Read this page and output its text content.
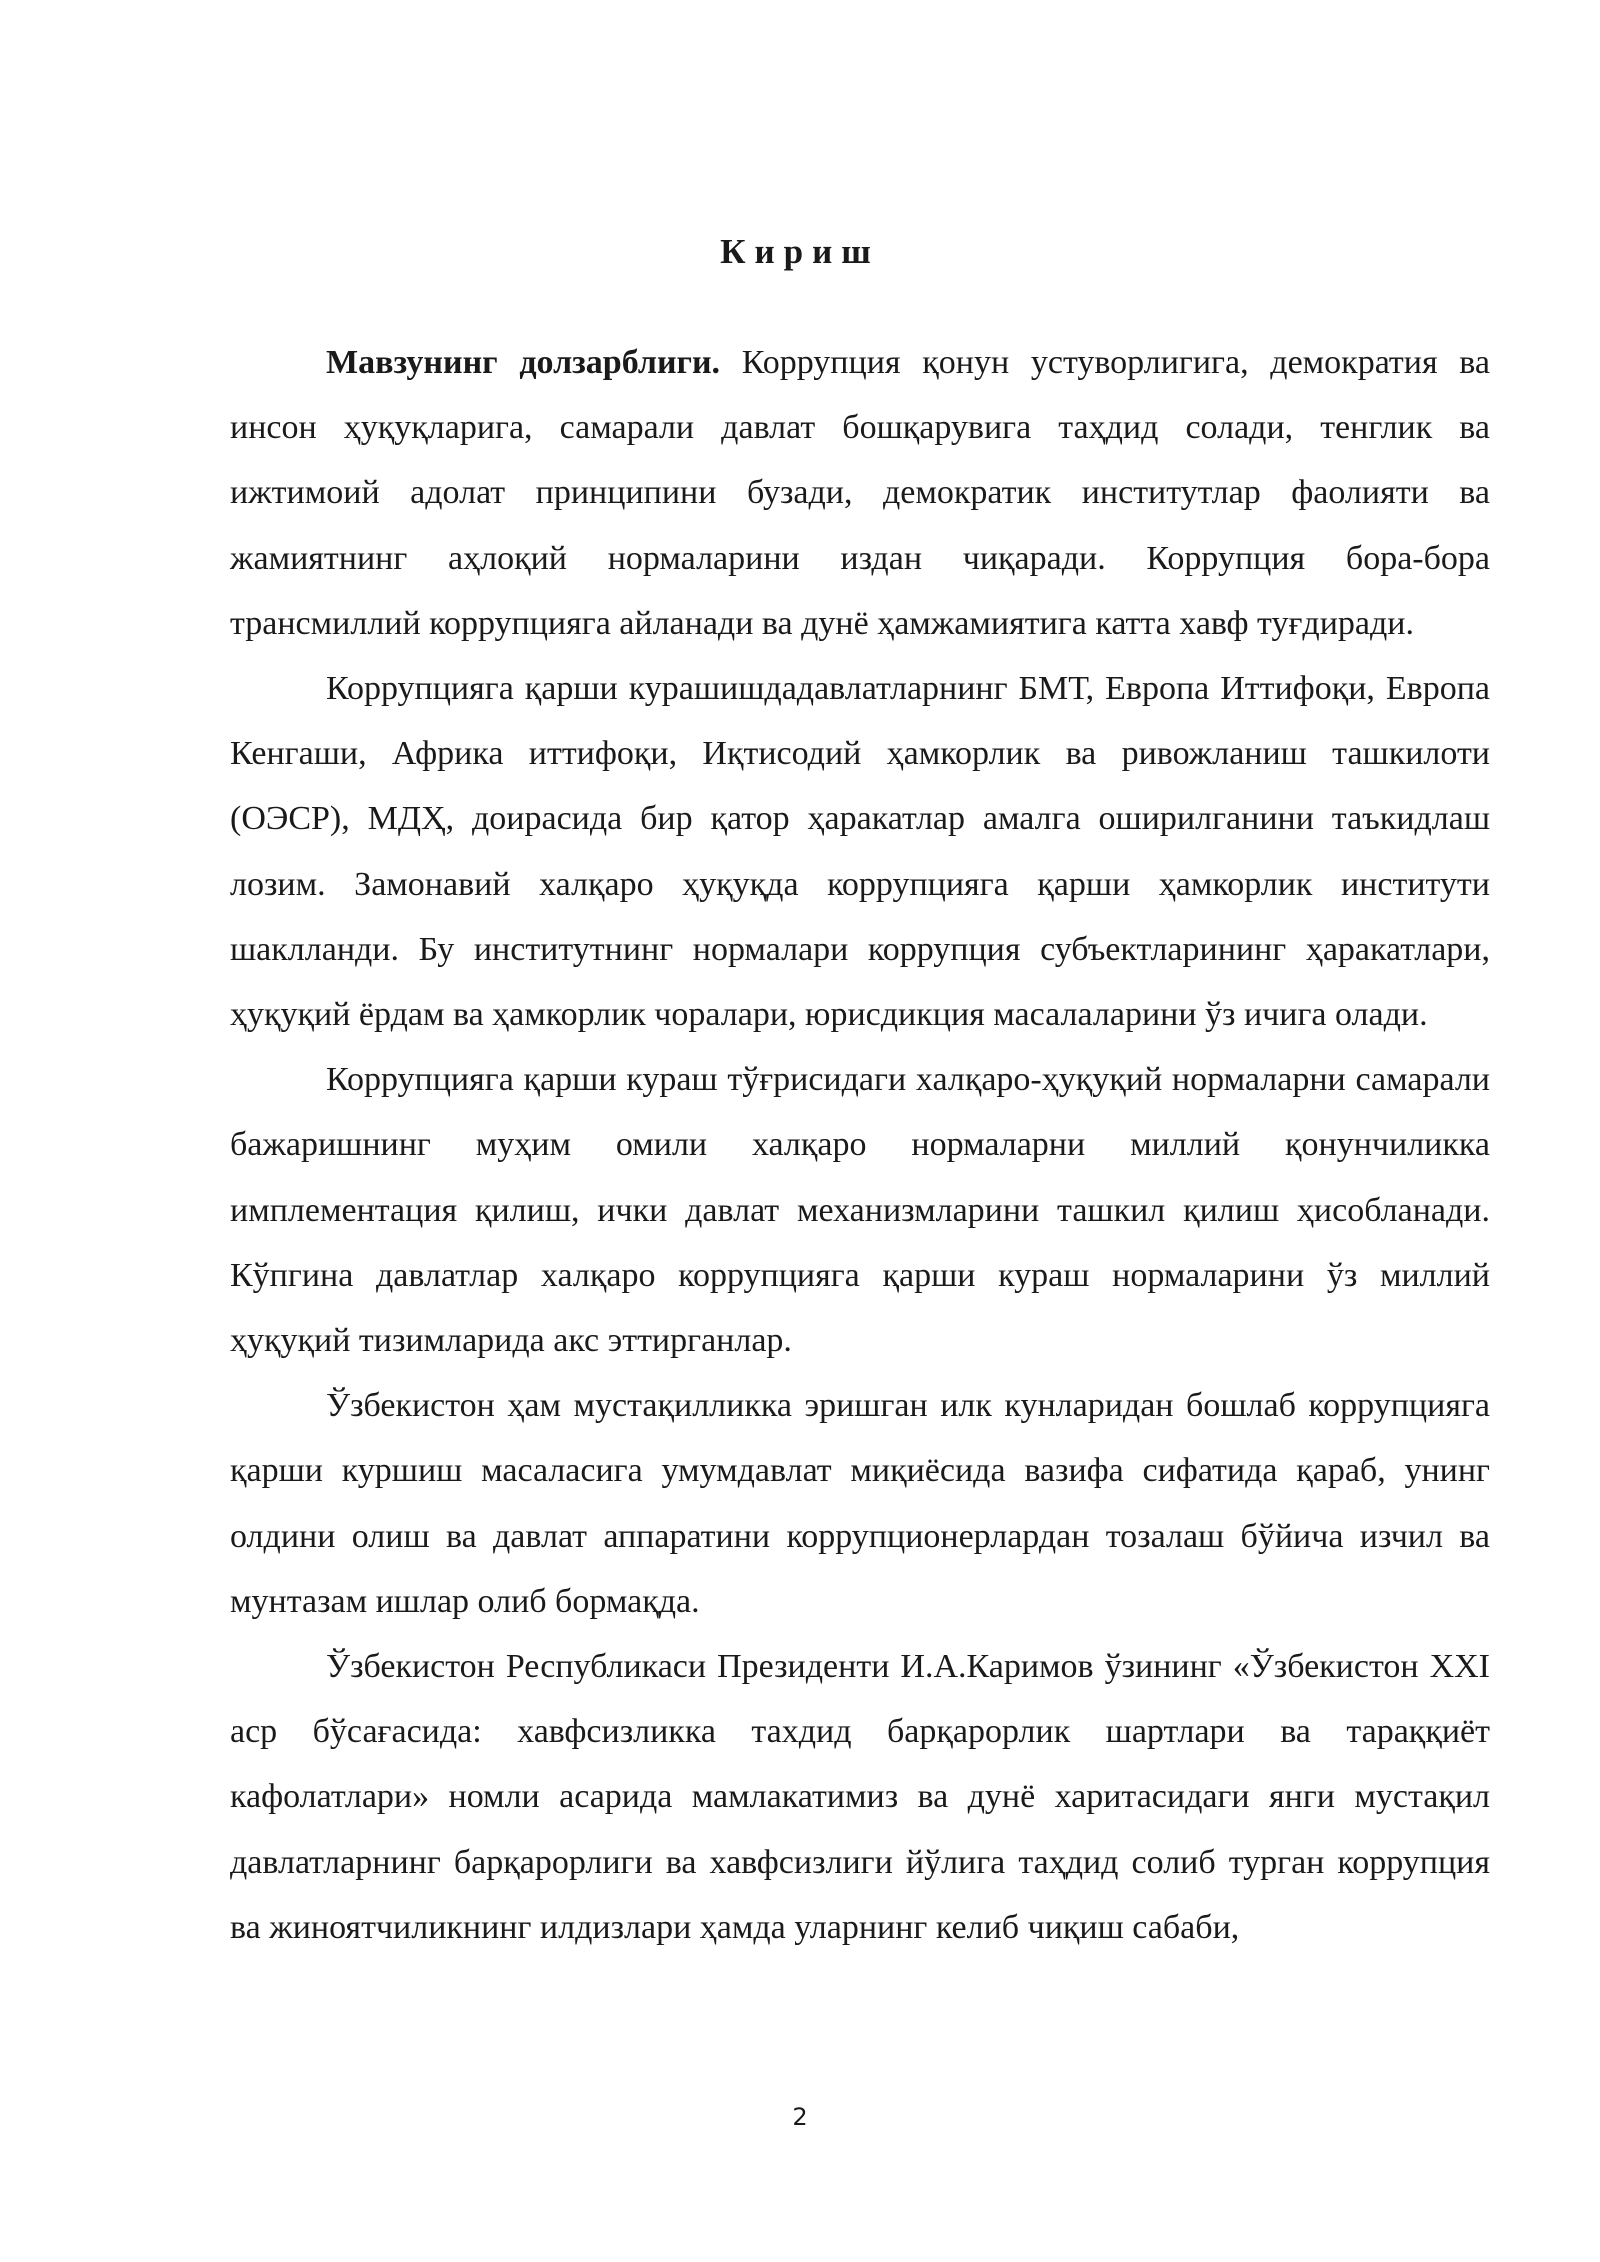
Кириш

Мавзунинг долзарблиги. Коррупция қонун устуворлигига, демократия ва инсон ҳуқуқларига, самарали давлат бошқарувига таҳдид солади, тенглик ва ижтимоий адолат принципини бузади, демократик институтлар фаолияти ва жамиятнинг аҳлоқий нормаларини издан чиқаради. Коррупция бора-бора трансмиллий коррупцияга айланади ва дунё ҳамжамиятига катта хавф туғдиради.

Коррупцияга қарши курашишдадавлатларнинг БМТ, Европа Иттифоқи, Европа Кенгаши, Африка иттифоқи, Иқтисодий ҳамкорлик ва ривожланиш ташкилоти (ОЭСР), МДҲ, доирасида бир қатор ҳаракатлар амалга оширилганини таъкидлаш лозим. Замонавий халқаро ҳуқуқда коррупцияга қарши ҳамкорлик институти шаклланди. Бу институтнинг нормалари коррупция субъектларининг ҳаракатлари, ҳуқуқий ёрдам ва ҳамкорлик чоралари, юрисдикция масалаларини ўз ичига олади.

Коррупцияга қарши кураш тўғрисидаги халқаро-ҳуқуқий нормаларни самарали бажаришнинг муҳим омили халқаро нормаларни миллий қонунчиликка имплементация қилиш, ички давлат механизмларини ташкил қилиш ҳисобланади. Кўпгина давлатлар халқаро коррупцияга қарши кураш нормаларини ўз миллий ҳуқуқий тизимларида акс эттирганлар.

Ўзбекистон ҳам мустақилликка эришган илк кунларидан бошлаб коррупцияга қарши куршиш масаласига умумдавлат миқиёсида вазифа сифатида қараб, унинг олдини олиш ва давлат аппаратини коррупционерлардан тозалаш бўйича изчил ва мунтазам ишлар олиб бормақда.

Ўзбекистон Республикаси Президенти И.А.Каримов ўзининг «Ўзбекистон XXI аср бўсағасида: хавфсизликка тахдид барқарорлик шартлари ва тараққиёт кафолатлари» номли асарида мамлакатимиз ва дунё харитасидаги янги мустақил давлатларнинг барқарорлиги ва хавфсизлиги йўлига таҳдид солиб турган коррупция ва жиноятчиликнинг илдизлари ҳамда уларнинг келиб чиқиш сабаби,

2
